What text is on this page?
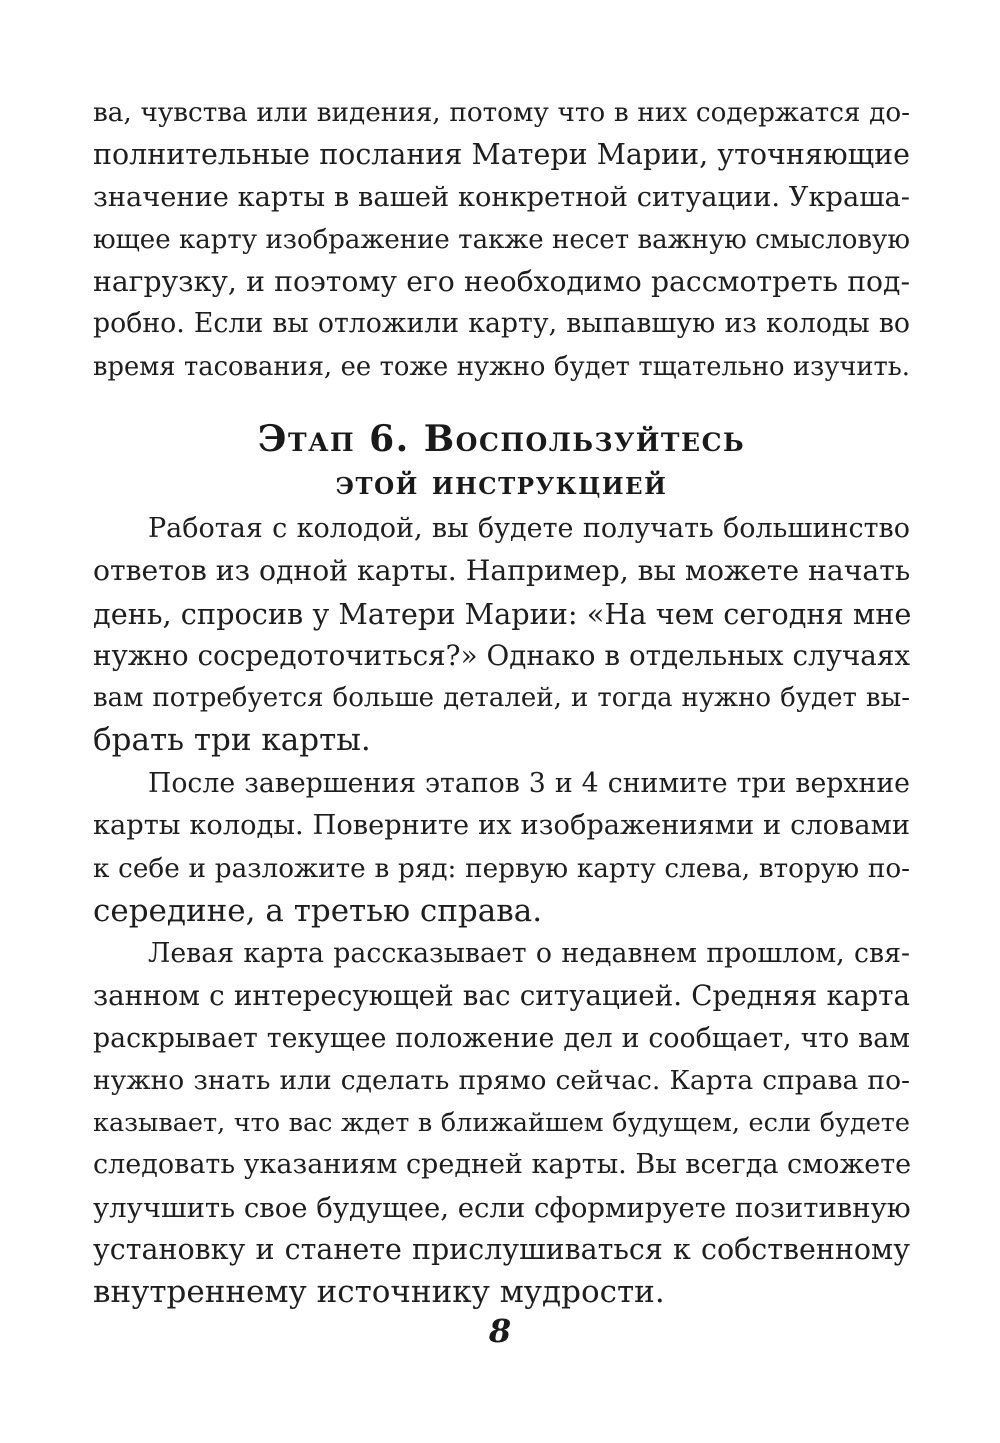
ва, чувства или видения, потому что в них содержатся до-
полнительные послания Матери Марии, уточняющие
значение карты в вашей конкретной ситуации. Украша-
ющее карту изображение также несет важную смысловую
нагрузку, и поэтому его необходимо рассмотреть под-
робно. Если вы отложили карту, выпавшую из колоды во
время тасования, ее тоже нужно будет тщательно изучить.
Этап 6. Воспользуйтесь
этой инструкцией
Работая с колодой, вы будете получать большинство
ответов из одной карты. Например, вы можете начать
день, спросив у Матери Марии: «На чем сегодня мне
нужно сосредоточиться?» Однако в отдельных случаях
вам потребуется больше деталей, и тогда нужно будет вы-
брать три карты.
После завершения этапов 3 и 4 снимите три верхние
карты колоды. Поверните их изображениями и словами
к себе и разложите в ряд: первую карту слева, вторую по-
середине, а третью справа.
Левая карта рассказывает о недавнем прошлом, свя-
занном с интересующей вас ситуацией. Средняя карта
раскрывает текущее положение дел и сообщает, что вам
нужно знать или сделать прямо сейчас. Карта справа по-
казывает, что вас ждет в ближайшем будущем, если будете
следовать указаниям средней карты. Вы всегда сможете
улучшить свое будущее, если сформируете позитивную
установку и станете прислушиваться к собственному
внутреннему источнику мудрости.
8
